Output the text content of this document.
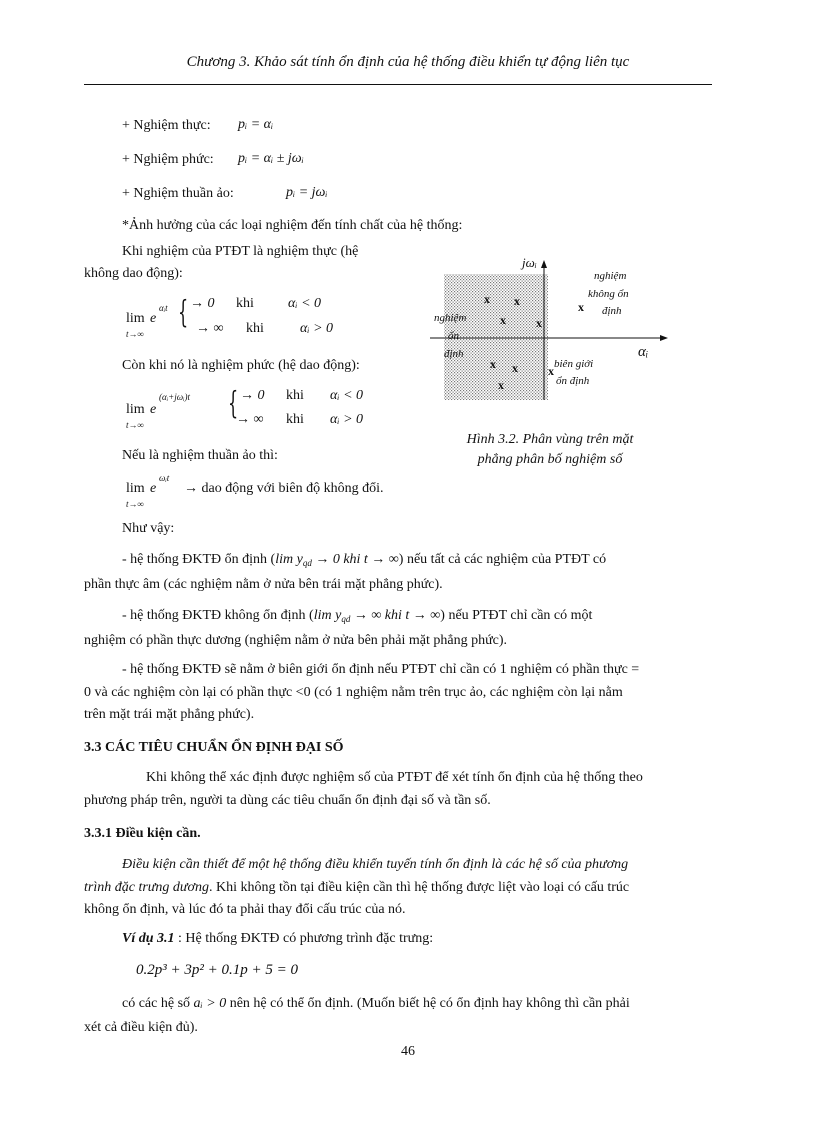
Chương 3. Khảo sát tính ổn định của hệ thống điều khiển tự động liên tục
+ Nghiệm thực: pᵢ = αᵢ
+ Nghiệm phức: pᵢ = αᵢ ± jωᵢ
+ Nghiệm thuần ảo:	pᵢ = jωᵢ
*Ảnh hưởng của các loại nghiệm đến tính chất của hệ thống:
Khi nghiệm của PTĐT là nghiệm thực (hệ
không dao động):
lim e
αᵢt
t→∞
{ → 0 khi αᵢ < 0
→ ∞ khi	αᵢ > 0
Còn khi nó là nghiệm phức (hệ dao động):
lim e
(αᵢ+jωᵢ)t
t→∞
{ → 0 khi αᵢ < 0
→ ∞ khi αᵢ > 0
Nếu là nghiệm thuần ảo thì:
lim e
ωᵢt
t→∞
→ dao động với biên độ không đổi.
jωᵢ
αᵢ
nghiệm
không ổn
định
x
nghiệm
ổn
định
biên giới
ổn định
x x
x	x
x x	x
x
Hình 3.2. Phân vùng trên mặt
phẳng phân bố nghiệm số
Như vậy:
- hệ thống ĐKTĐ ổn định (lim $y_{qd} \to 0$ khi t → ∞) nếu tất cả các nghiệm của PTĐT có
phần thực âm (các nghiệm nằm ở nửa bên trái mặt phẳng phức).
- hệ thống ĐKTĐ không ổn định (lim $y_{qd}$ → ∞ khi t → ∞) nếu PTĐT chỉ cần có một
nghiệm có phần thực dương (nghiệm nằm ở nửa bên phải mặt phẳng phức).
- hệ thống ĐKTĐ sẽ nằm ở biên giới ổn định nếu PTĐT chỉ cần có 1 nghiệm có phần thực =
0 và các nghiệm còn lại có phần thực <0 (có 1 nghiệm nằm trên trục ảo, các nghiệm còn lại nằm
trên mặt trái mặt phẳng phức).
3.3 CÁC TIÊU CHUẨN ỔN ĐỊNH ĐẠI SỐ
Khi không thể xác định được nghiệm số của PTĐT để xét tính ổn định của hệ thống theo
phương pháp trên, người ta dùng các tiêu chuẩn ổn định đại số và tần số.
3.3.1 Điều kiện cần.
Điều kiện cần thiết để một hệ thống điều khiển tuyến tính ổn định là các hệ số của phương
trình đặc trưng dương. Khi không tồn tại điều kiện cần thì hệ thống được liệt vào loại có cấu trúc
không ổn định, và lúc đó ta phải thay đổi cấu trúc của nó.
Ví dụ 3.1 : Hệ thống ĐKTĐ có phương trình đặc trưng:
0.2p³ + 3p² + 0.1p + 5 = 0
có các hệ số aᵢ > 0 nên hệ có thể ổn định. (Muốn biết hệ có ổn định hay không thì cần phải
xét cả điều kiện đủ).
46
